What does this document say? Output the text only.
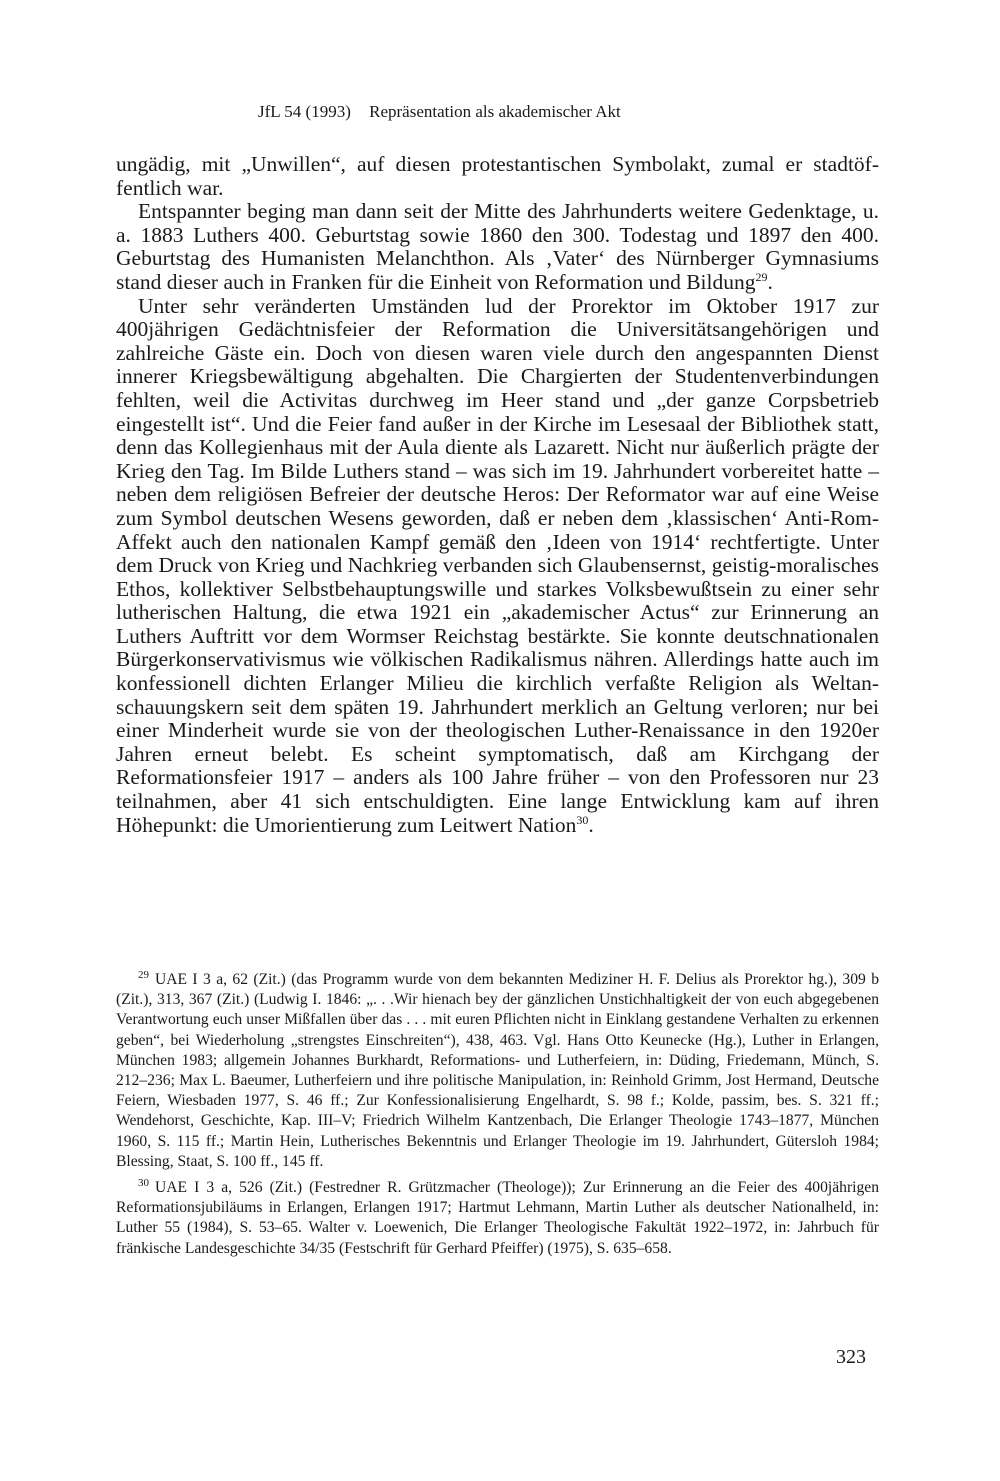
JfL 54 (1993) Repräsentation als akademischer Akt

ungädig, mit „Unwillen“, auf diesen protestantischen Symbolakt, zumal er stadtöffentlich war.

Entspannter beging man dann seit der Mitte des Jahrhunderts weitere Gedenktage, u. a. 1883 Luthers 400. Geburtstag sowie 1860 den 300. Todestag und 1897 den 400. Geburtstag des Humanisten Melanchthon. Als ‚Vater‘ des Nürnberger Gymnasiums stand dieser auch in Franken für die Einheit von Reformation und Bildung$^{29}$.

Unter sehr veränderten Umständen lud der Prorektor im Oktober 1917 zur 400jährigen Gedächtnisfeier der Reformation die Universitätsangehörigen und zahlreiche Gäste ein. Doch von diesen waren viele durch den angespannten Dienst innerer Kriegsbewältigung abgehalten. Die Chargierten der Studentenverbindungen fehlten, weil die Activitas durchweg im Heer stand und „der ganze Corpsbetrieb eingestellt ist“. Und die Feier fand außer in der Kirche im Lesesaal der Bibliothek statt, denn das Kollegienhaus mit der Aula diente als Lazarett. Nicht nur äußerlich prägte der Krieg den Tag. Im Bilde Luthers stand – was sich im 19. Jahrhundert vorbereitet hatte – neben dem religiösen Befreier der deutsche Heros: Der Reformator war auf eine Weise zum Symbol deutschen Wesens geworden, daß er neben dem ‚klassischen‘ Anti-Rom-Affekt auch den nationalen Kampf gemäß den ‚Ideen von 1914‘ rechtfertigte. Unter dem Druck von Krieg und Nachkrieg verbanden sich Glaubensernst, geistig-moralisches Ethos, kollektiver Selbstbehauptungswille und starkes Volksbewußtsein zu einer sehr lutherischen Haltung, die etwa 1921 ein „akademischer Actus“ zur Erinnerung an Luthers Auftritt vor dem Wormser Reichstag bestärkte. Sie konnte deutschnationalen Bürgerkonservativismus wie völkischen Radikalismus nähren. Allerdings hatte auch im konfessionell dichten Erlanger Milieu die kirchlich verfaßte Religion als Weltanschauungskern seit dem späten 19. Jahrhundert merklich an Geltung verloren; nur bei einer Minderheit wurde sie von der theologischen Luther-Renaissance in den 1920er Jahren erneut belebt. Es scheint symptomatisch, daß am Kirchgang der Reformationsfeier 1917 – anders als 100 Jahre früher – von den Professoren nur 23 teilnahmen, aber 41 sich entschuldigten. Eine lange Entwicklung kam auf ihren Höhepunkt: die Umorientierung zum Leitwert Nation$^{30}$.

$^{29}$ UAE I 3 a, 62 (Zit.) (das Programm wurde von dem bekannten Mediziner H. F. Delius als Prorektor hg.), 309 b (Zit.), 313, 367 (Zit.) (Ludwig I. 1846: „. . .Wir hienach bey der gänzlichen Unstichhaltigkeit der von euch abgegebenen Verantwortung euch unser Mißfallen über das . . . mit euren Pflichten nicht in Einklang gestandene Verhalten zu erkennen geben“, bei Wiederholung „strengstes Einschreiten“), 438, 463. Vgl. Hans Otto Keunecke (Hg.), Luther in Erlangen, München 1983; allgemein Johannes Burkhardt, Reformations- und Lutherfeiern, in: Düding, Friedemann, Münch, S. 212–236; Max L. Baeumer, Lutherfeiern und ihre politische Manipulation, in: Reinhold Grimm, Jost Hermand, Deutsche Feiern, Wiesbaden 1977, S. 46 ff.; Zur Konfessionalisierung Engelhardt, S. 98 f.; Kolde, passim, bes. S. 321 ff.; Wendehorst, Geschichte, Kap. III–V; Friedrich Wilhelm Kantzenbach, Die Erlanger Theologie 1743–1877, München 1960, S. 115 ff.; Martin Hein, Lutherisches Bekenntnis und Erlanger Theologie im 19. Jahrhundert, Gütersloh 1984; Blessing, Staat, S. 100 ff., 145 ff.

$^{30}$ UAE I 3 a, 526 (Zit.) (Festredner R. Grützmacher (Theologe)); Zur Erinnerung an die Feier des 400jährigen Reformationsjubiläums in Erlangen, Erlangen 1917; Hartmut Lehmann, Martin Luther als deutscher Nationalheld, in: Luther 55 (1984), S. 53–65. Walter v. Loewenich, Die Erlanger Theologische Fakultät 1922–1972, in: Jahrbuch für fränkische Landesgeschichte 34/35 (Festschrift für Gerhard Pfeiffer) (1975), S. 635–658.

323
